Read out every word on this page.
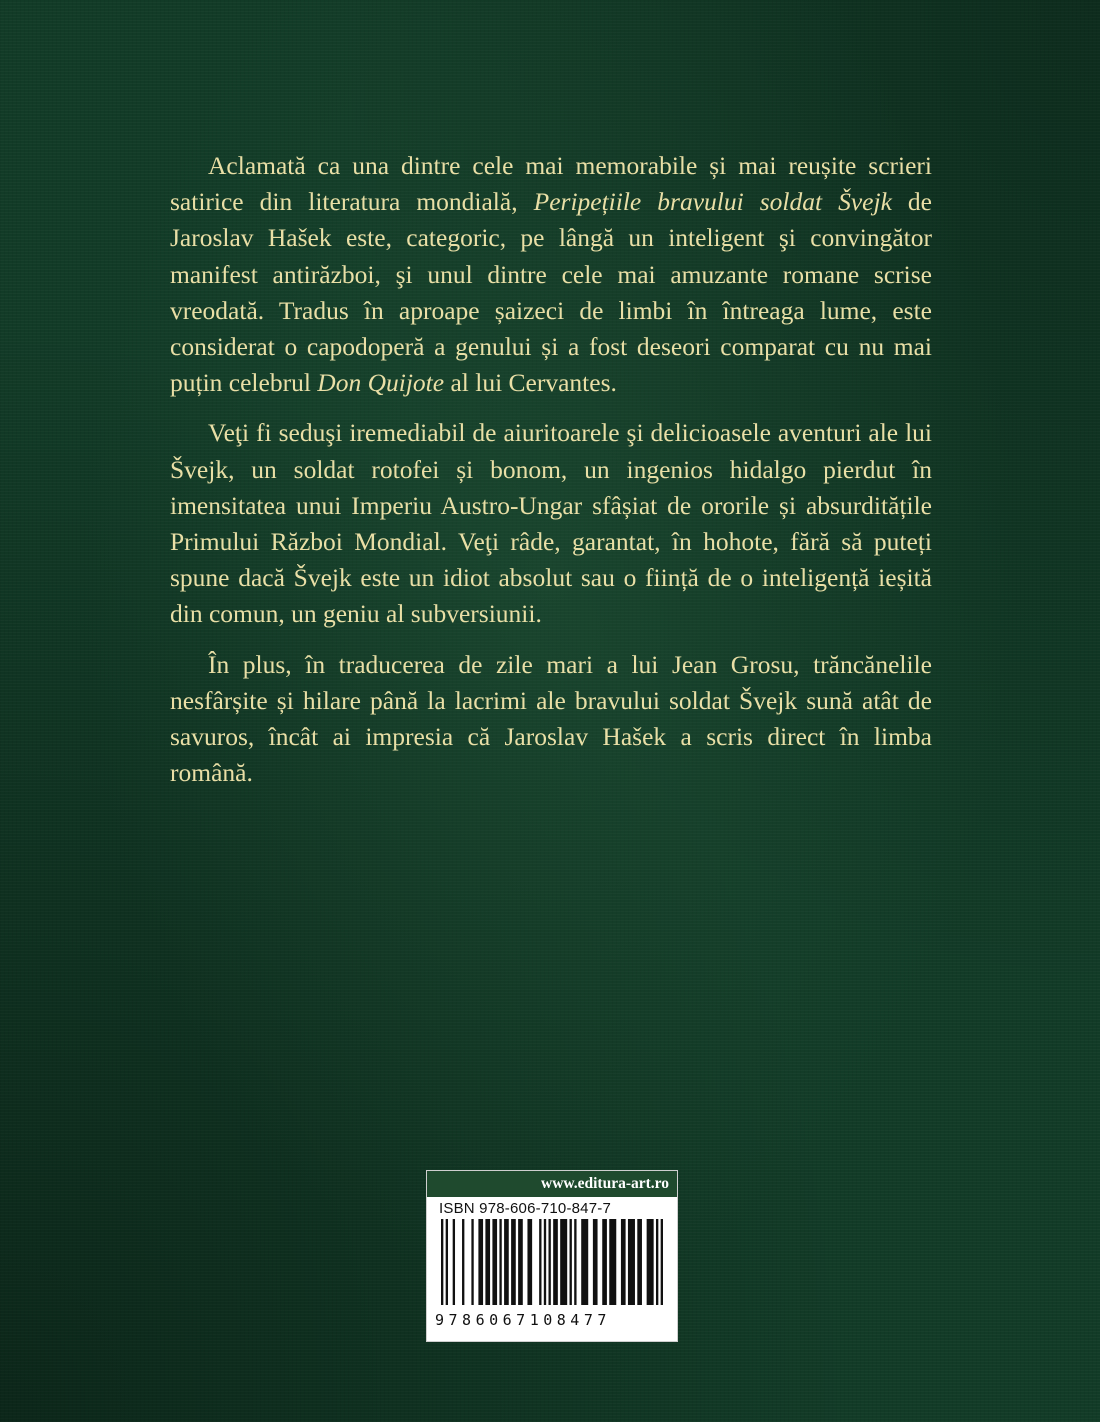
Aclamată ca una dintre cele mai memorabile și mai reușite scrieri satirice din literatura mondială, Peripețiile bravului soldat Švejk de Jaroslav Hašek este, categoric, pe lângă un inteligent şi convingător manifest antirăzboi, şi unul dintre cele mai amuzante romane scrise vreodată. Tradus în aproape șaizeci de limbi în întreaga lume, este considerat o capodoperă a genului și a fost deseori comparat cu nu mai puțin celebrul Don Quijote al lui Cervantes.

Veţi fi seduşi iremediabil de aiuritoarele şi delicioasele aventuri ale lui Švejk, un soldat rotofei și bonom, un ingenios hidalgo pierdut în imensitatea unui Imperiu Austro-Ungar sfâșiat de ororile și absurditățile Primului Război Mondial. Veţi râde, garantat, în hohote, fără să puteți spune dacă Švejk este un idiot absolut sau o ființă de o inteligență ieșită din comun, un geniu al subversiunii.

În plus, în traducerea de zile mari a lui Jean Grosu, trăncănelile nesfârșite și hilare până la lacrimi ale bravului soldat Švejk sună atât de savuros, încât ai impresia că Jaroslav Hašek a scris direct în limba română.

www.editura-art.ro
ISBN 978-606-710-847-7
9786067108477
